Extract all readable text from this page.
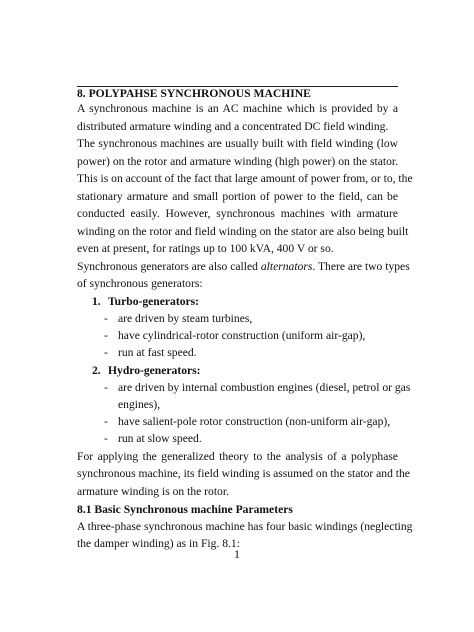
8. POLYPAHSE SYNCHRONOUS MACHINE
A synchronous machine is an AC machine which is provided by a
distributed armature winding and a concentrated DC field winding.
The synchronous machines are usually built with field winding (low
power) on the rotor and armature winding (high power) on the stator.
This is on account of the fact that large amount of power from, or to, the
stationary armature and small portion of power to the field, can be
conducted easily. However, synchronous machines with armature
winding on the rotor and field winding on the stator are also being built
even at present, for ratings up to 100 kVA, 400 V or so.
Synchronous generators are also called alternators. There are two types
of synchronous generators:
1. Turbo-generators:
- are driven by steam turbines,
- have cylindrical-rotor construction (uniform air-gap),
- run at fast speed.
2. Hydro-generators:
- are driven by internal combustion engines (diesel, petrol or gas
engines),
- have salient-pole rotor construction (non-uniform air-gap),
- run at slow speed.
For applying the generalized theory to the analysis of a polyphase
synchronous machine, its field winding is assumed on the stator and the
armature winding is on the rotor.
8.1 Basic Synchronous machine Parameters
A three-phase synchronous machine has four basic windings (neglecting
the damper winding) as in Fig. 8.1:
1
